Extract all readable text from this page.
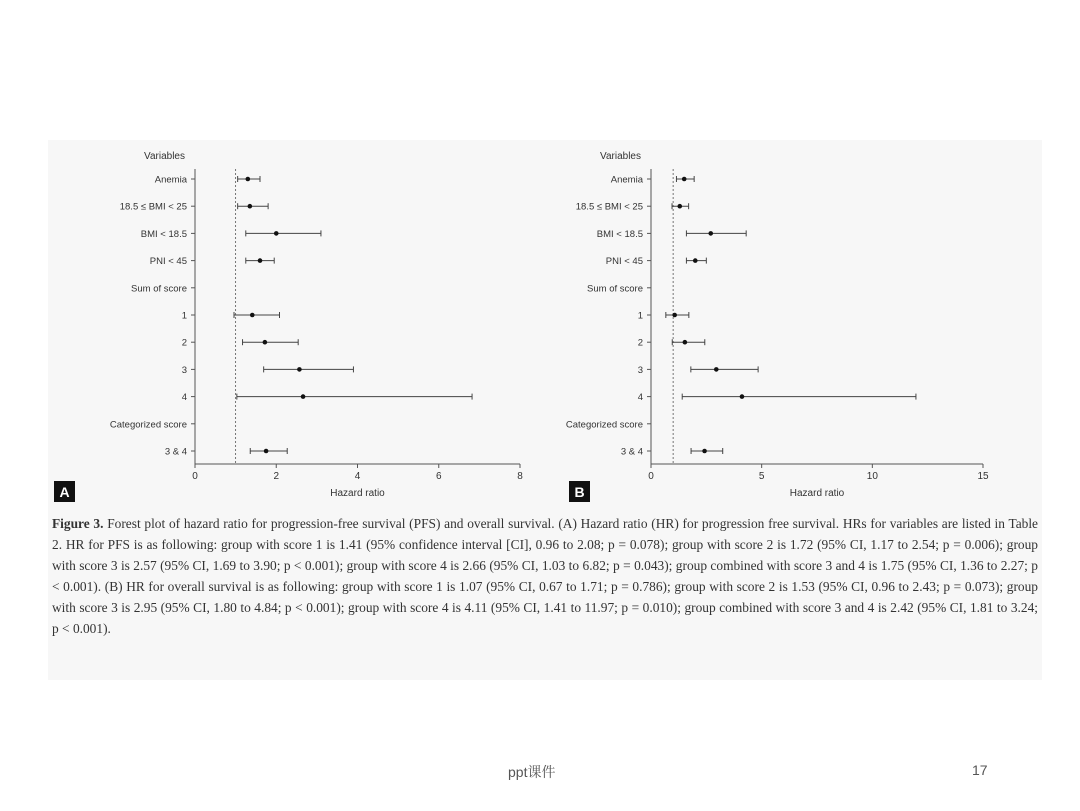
Variables
Anemia
18.5 ≤ BMI < 25
BMI < 18.5
PNI < 45
Sum of score
1
2
3
4
Categorized score
3 & 4
0	2	4	6	8
Hazard ratio
A
Variables
Anemia
18.5 ≤ BMI < 25
BMI < 18.5
PNI < 45
Sum of score
1
2
3
4
Categorized score
3 & 4
0	5	10	15
Hazard ratio
B
Figure 3. Forest plot of hazard ratio for progression-free survival (PFS) and overall survival. (A) Hazard ratio (HR) for progression free survival. HRs for variables are listed in Table 2. HR for PFS is as following: group with score 1 is 1.41 (95% confidence interval [CI], 0.96 to 2.08; p = 0.078); group with score 2 is 1.72 (95% CI, 1.17 to 2.54; p = 0.006); group with score 3 is 2.57 (95% CI, 1.69 to 3.90; p < 0.001); group with score 4 is 2.66 (95% CI, 1.03 to 6.82; p = 0.043); group combined with score 3 and 4 is 1.75 (95% CI, 1.36 to 2.27; p < 0.001). (B) HR for overall survival is as following: group with score 1 is 1.07 (95% CI, 0.67 to 1.71; p = 0.786); group with score 2 is 1.53 (95% CI, 0.96 to 2.43; p = 0.073); group with score 3 is 2.95 (95% CI, 1.80 to 4.84; p < 0.001); group with score 4 is 4.11 (95% CI, 1.41 to 11.97; p = 0.010); group combined with score 3 and 4 is 2.42 (95% CI, 1.81 to 3.24; p < 0.001).
ppt课件	17
